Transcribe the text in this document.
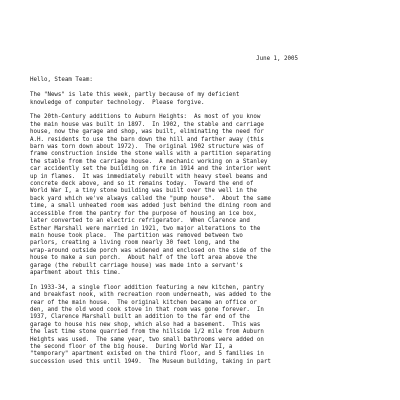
June 1, 2005
Hello, Steam Team:
The "News" is late this week, partly because of my deficient
knowledge of computer technology.  Please forgive.
The 20th-Century additions to Auburn Heights:  As most of you know
the main house was built in 1897.  In 1902, the stable and carriage
house, now the garage and shop, was built, eliminating the need for
A.H. residents to use the barn down the hill and farther away (this
barn was torn down about 1972).  The original 1902 structure was of
frame construction inside the stone walls with a partition separating
the stable from the carriage house.  A mechanic working on a Stanley
car accidently set the building on fire in 1914 and the interior went
up in flames.  It was immediately rebuilt with heavy steel beams and
concrete deck above, and so it remains today.  Toward the end of
World War I, a tiny stone building was built over the well in the
back yard which we've always called the "pump house".  About the same
time, a small unheated room was added just behind the dining room and
accessible from the pantry for the purpose of housing an ice box,
later converted to an electric refrigerator.  When Clarence and
Esther Marshall were married in 1921, two major alterations to the
main house took place.  The partition was removed between two
parlors, creating a living room nearly 30 feet long, and the
wrap-around outside porch was widened and enclosed on the side of the
house to make a sun porch.  About half of the loft area above the
garage (the rebuilt carriage house) was made into a servant's
apartment about this time.
In 1933-34, a single floor addition featuring a new kitchen, pantry
and breakfast nook, with recreation room underneath, was added to the
rear of the main house.  The original kitchen became an office or
den, and the old wood cook stove in that room was gone forever.  In
1937, Clarence Marshall built an addition to the far end of the
garage to house his new shop, which also had a basement.  This was
the last time stone quarried from the hillside 1/2 mile from Auburn
Heights was used.  The same year, two small bathrooms were added on
the second floor of the big house.  During World War II, a
"temporary" apartment existed on the third floor, and 5 families in
succession used this until 1949.  The Museum building, taking in part
